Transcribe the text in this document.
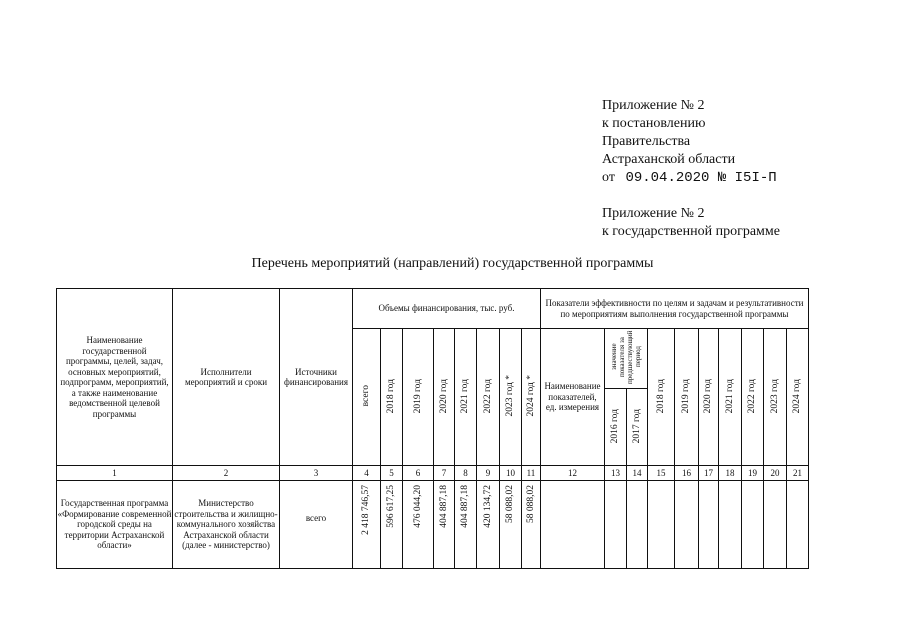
Приложение № 2
к постановлению
Правительства
Астраханской области
от 09.04.2020 № I5I-П
Приложение № 2
к государственной программе
Перечень мероприятий (направлений) государственной программы
Наименование государственной программы, целей, задач, основных мероприятий, подпрограмм, мероприятий, а также наименование ведомственной целевой программы	Исполнители мероприятий и сроки	Источники финансирования	Объемы финансирования, тыс. руб.								Показатели эффективности по целям и задачам и результативности по мероприятиям выполнения государственной программы									
			всего	2018 год	2019 год	2020 год	2021 год	2022 год	2023 год *	2024 год *	Наименование показателей, ед. измерения	значение показателя за предшествующий период		2018 год	2019 год	2020 год	2021 год	2022 год	2023 год	2024 год
												2016 год	2017 год							
1	2	3	4	5	6	7	8	9	10	11	12	13	14	15	16	17	18	19	20	21
Государственная программа «Формирование современной городской среды на территории Астраханской области»	Министерство строительства и жилищно-коммунального хозяйства Астраханской области (далее - министерство)	всего	2 418 746,57	596 617,25	476 044,20	404 887,18	404 887,18	420 134,72	58 088,02	58 088,02										
